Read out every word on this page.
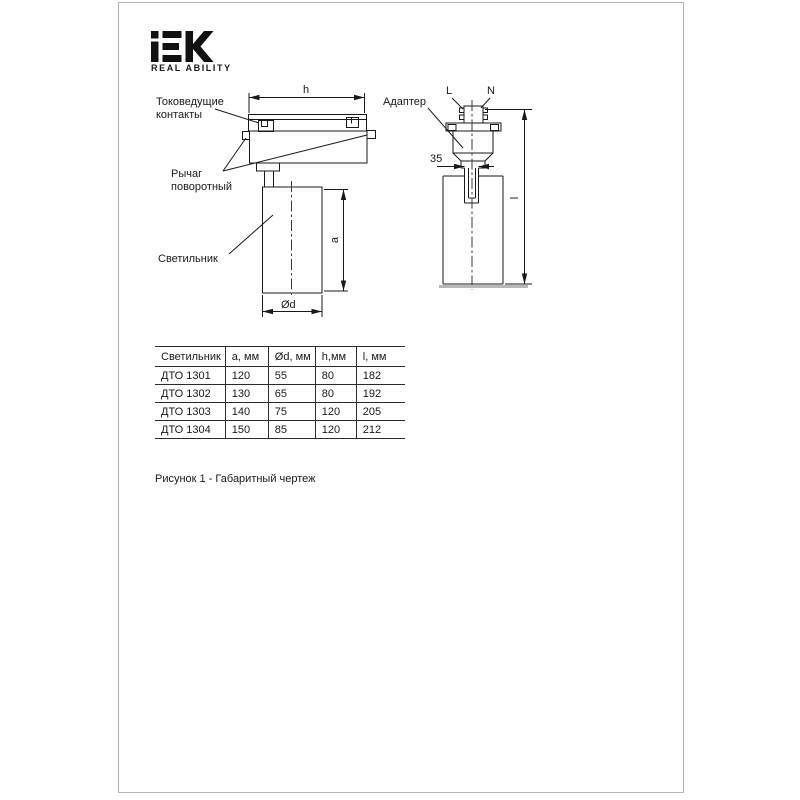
REAL ABILITY
Токоведущие
контакты
Рычаг
поворотный
Светильник
Адаптер
L	N
h
a
Ød
35
l
Светильник	a, мм	Ød, мм	h,мм	l, мм
ДТО 1301	120	55	80	182
ДТО 1302	130	65	80	192
ДТО 1303	140	75	120	205
ДТО 1304	150	85	120	212
Рисунок 1 - Габаритный чертеж
